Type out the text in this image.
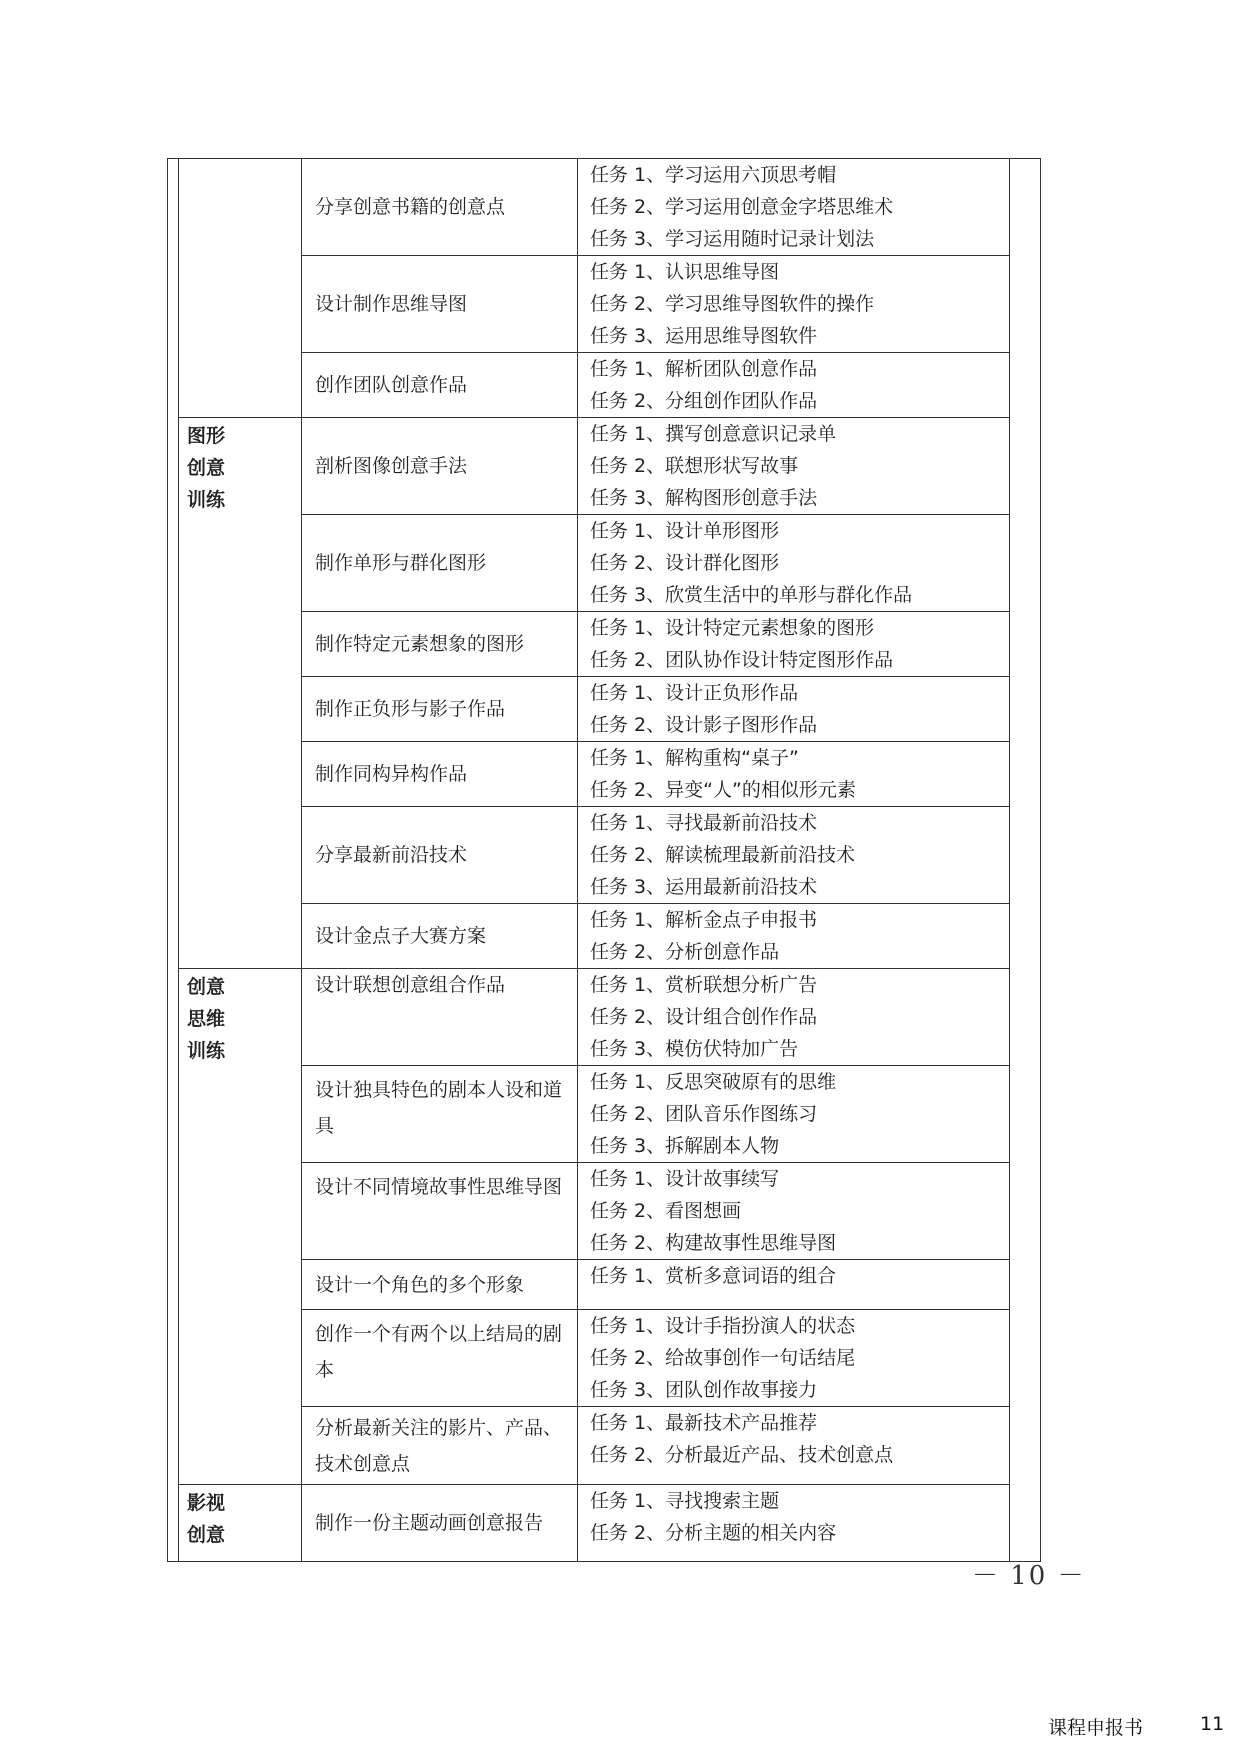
		分享创意书籍的创意点	任务 1、学习运用六顶思考帽
任务 2、学习运用创意金字塔思维术
任务 3、学习运用随时记录计划法	

		设计制作思维导图	任务 1、认识思维导图
任务 2、学习思维导图软件的操作
任务 3、运用思维导图软件	

		创作团队创意作品	任务 1、解析团队创意作品
任务 2、分组创作团队作品	

	图形
创意
训练	剖析图像创意手法	任务 1、撰写创意意识记录单
任务 2、联想形状写故事
任务 3、解构图形创意手法	

		制作单形与群化图形	任务 1、设计单形图形
任务 2、设计群化图形
任务 3、欣赏生活中的单形与群化作品	

		制作特定元素想象的图形	任务 1、设计特定元素想象的图形
任务 2、团队协作设计特定图形作品	

		制作正负形与影子作品	任务 1、设计正负形作品
任务 2、设计影子图形作品	

		制作同构异构作品	任务 1、解构重构“桌子”
任务 2、异变“人”的相似形元素	

		分享最新前沿技术	任务 1、寻找最新前沿技术
任务 2、解读梳理最新前沿技术
任务 3、运用最新前沿技术	

		设计金点子大赛方案	任务 1、解析金点子申报书
任务 2、分析创意作品	

	创意
思维
训练	设计联想创意组合作品	任务 1、赏析联想分析广告
任务 2、设计组合创作作品
任务 3、模仿伏特加广告	

		设计独具特色的剧本人设和道具	任务 1、反思突破原有的思维
任务 2、团队音乐作图练习
任务 3、拆解剧本人物	

		设计不同情境故事性思维导图	任务 1、设计故事续写
任务 2、看图想画
任务 2、构建故事性思维导图	

		设计一个角色的多个形象	任务 1、赏析多意词语的组合	

		创作一个有两个以上结局的剧本	任务 1、设计手指扮演人的状态
任务 2、给故事创作一句话结尾
任务 3、团队创作故事接力	

		分析最新关注的影片、产品、技术创意点	任务 1、最新技术产品推荐
任务 2、分析最近产品、技术创意点	

	影视
创意	制作一份主题动画创意报告	任务 1、寻找搜索主题
任务 2、分析主题的相关内容	
－ 10 －
课程申报书	11
